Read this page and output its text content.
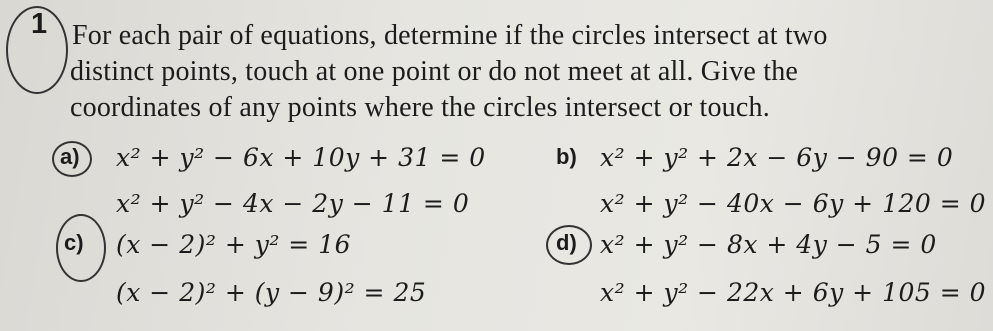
1 For each pair of equations, determine if the circles intersect at two
distinct points, touch at one point or do not meet at all. Give the
coordinates of any points where the circles intersect or touch.
a) x² + y² − 6x + 10y + 31 = 0
x² + y² − 4x − 2y − 11 = 0
b) x² + y² + 2x − 6y − 90 = 0
x² + y² − 40x − 6y + 120 = 0
c) (x − 2)² + y² = 16
(x − 2)² + (y − 9)² = 25
d) x² + y² − 8x + 4y − 5 = 0
x² + y² − 22x + 6y + 105 = 0
